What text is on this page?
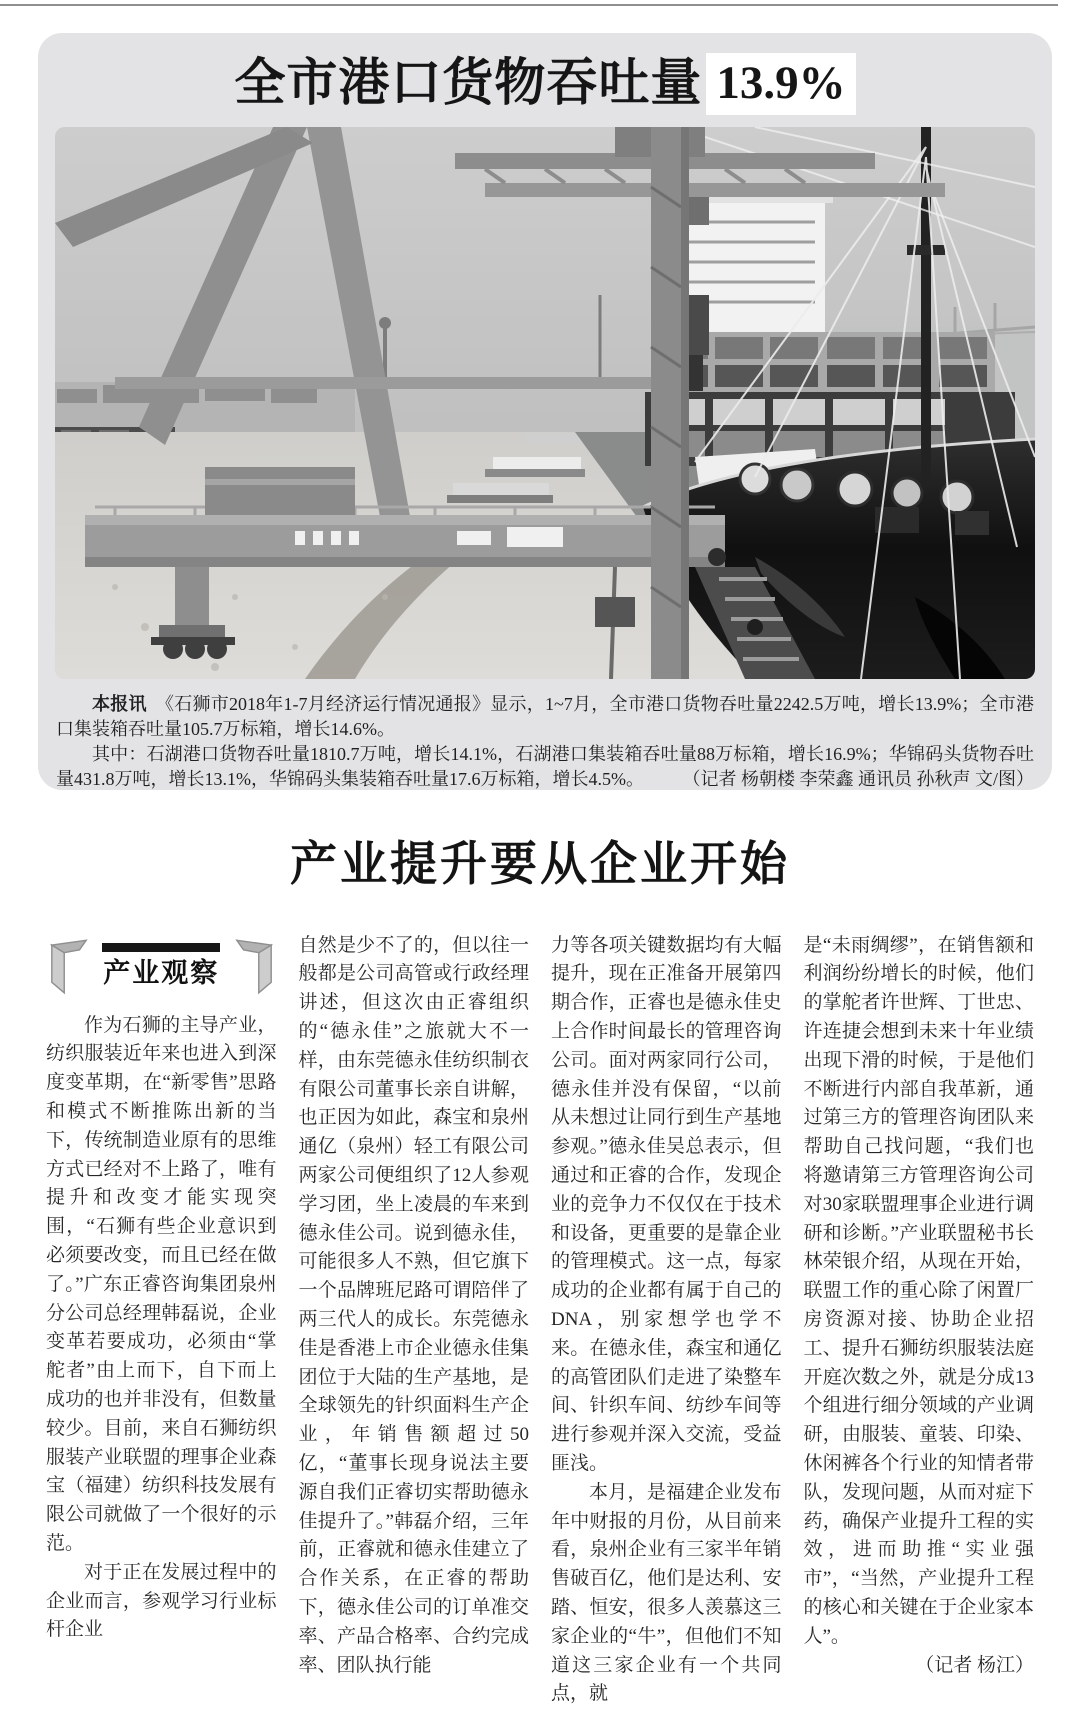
全市港口货物吞吐量 13.9%

本报讯　 《石狮市2018年1-7月经济运行情况通报》显示，1~7月，全市港口货物吞吐量2242.5万吨，增长13.9%；全市港口集装箱吞吐量105.7万标箱，增长14.6%。

其中：石湖港口货物吞吐量1810.7万吨，增长14.1%，石湖港口集装箱吞吐量88万标箱，增长16.9%；华锦码头货物吞吐量431.8万吨，增长13.1%，华锦码头集装箱吞吐量17.6万标箱，增长4.5%。 （记者 杨朝楼 李荣鑫 通讯员 孙秋声 文/图）

产业提升要从企业开始
产业观察

作为石狮的主导产业，纺织服装近年来也进入到深度变革期，在“新零售”思路和模式不断推陈出新的当下，传统制造业原有的思维方式已经对不上路了，唯有提升和改变才能实现突围，“石狮有些企业意识到必须要改变，而且已经在做了。”广东正睿咨询集团泉州分公司总经理韩磊说，企业变革若要成功，必须由“掌舵者”由上而下，自下而上成功的也并非没有，但数量较少。目前，来自石狮纺织服装产业联盟的理事企业森宝（福建）纺织科技发展有限公司就做了一个很好的示范。

对于正在发展过程中的企业而言，参观学习行业标杆企业

自然是少不了的，但以往一般都是公司高管或行政经理讲述，但这次由正睿组织的“德永佳”之旅就大不一样，由东莞德永佳纺织制衣有限公司董事长亲自讲解，也正因为如此，森宝和泉州通亿（泉州）轻工有限公司两家公司便组织了12人参观学习团，坐上凌晨的车来到德永佳公司。说到德永佳，可能很多人不熟，但它旗下一个品牌班尼路可谓陪伴了两三代人的成长。东莞德永佳是香港上市企业德永佳集团位于大陆的生产基地，是全球领先的针织面料生产企业，年销售额超过50亿，“董事长现身说法主要源自我们正睿切实帮助德永佳提升了。”韩磊介绍，三年前，正睿就和德永佳建立了合作关系，在正睿的帮助下，德永佳公司的订单准交率、产品合格率、合约完成率、团队执行能

力等各项关键数据均有大幅提升，现在正准备开展第四期合作，正睿也是德永佳史上合作时间最长的管理咨询公司。面对两家同行公司，德永佳并没有保留，“以前从未想过让同行到生产基地参观。”德永佳吴总表示，但通过和正睿的合作，发现企业的竞争力不仅仅在于技术和设备，更重要的是靠企业的管理模式。这一点，每家成功的企业都有属于自己的DNA，别家想学也学不来。在德永佳，森宝和通亿的高管团队们走进了染整车间、针织车间、纺纱车间等进行参观并深入交流，受益匪浅。

本月，是福建企业发布年中财报的月份，从目前来看，泉州企业有三家半年销售破百亿，他们是达利、安踏、恒安，很多人羡慕这三家企业的“牛”，但他们不知道这三家企业有一个共同点，就

是“未雨绸缪”，在销售额和利润纷纷增长的时候，他们的掌舵者许世辉、丁世忠、许连捷会想到未来十年业绩出现下滑的时候，于是他们不断进行内部自我革新，通过第三方的管理咨询团队来帮助自己找问题，“我们也将邀请第三方管理咨询公司对30家联盟理事企业进行调研和诊断。”产业联盟秘书长林荣银介绍，从现在开始，联盟工作的重心除了闲置厂房资源对接、协助企业招工、提升石狮纺织服装法庭开庭次数之外，就是分成13个组进行细分领域的产业调研，由服装、童装、印染、休闲裤各个行业的知情者带队，发现问题，从而对症下药，确保产业提升工程的实效，进而助推“实业强市”，“当然，产业提升工程的核心和关键在于企业家本人”。

（记者 杨江）
